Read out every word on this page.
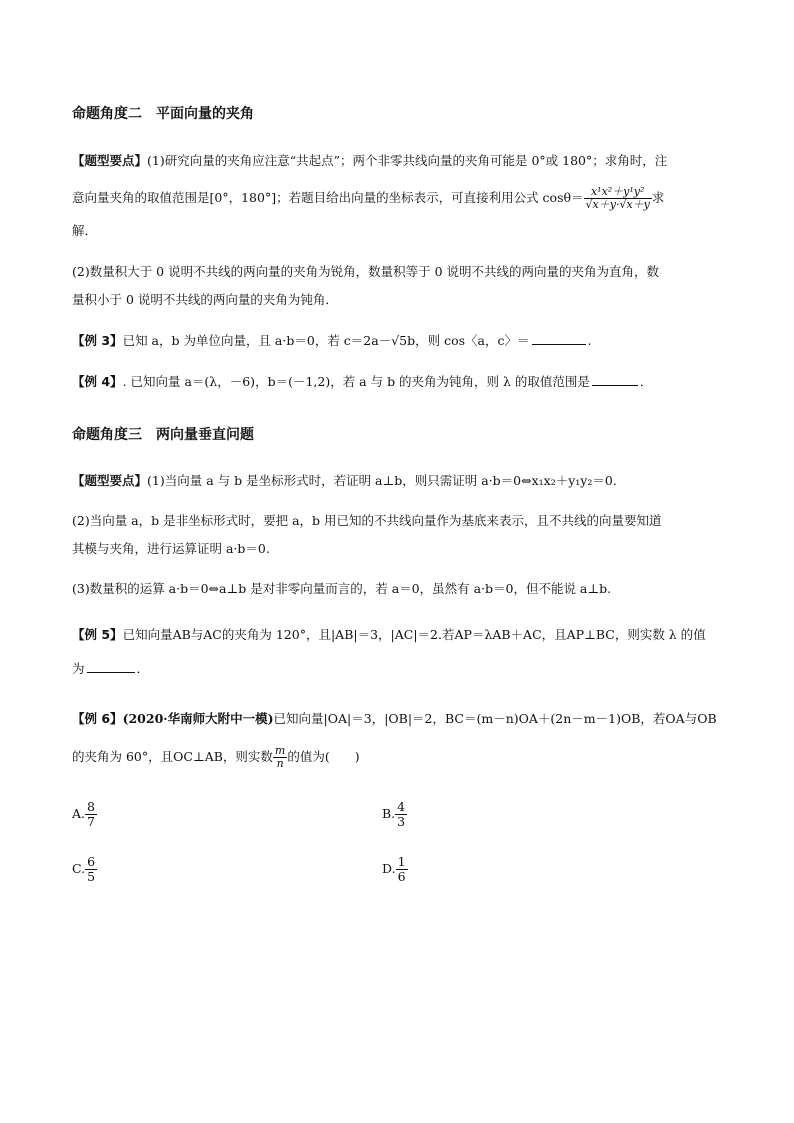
命题角度二　平面向量的夹角
【题型要点】(1)研究向量的夹角应注意“共起点”；两个非零共线向量的夹角可能是 0°或 180°；求角时，注
意向量夹角的取值范围是[0°，180°]；若题目给出向量的坐标表示，可直接利用公式 $\cos\theta= \frac{\text{x¹x²＋y¹y²}}{√x+y\cdot√x+y}$ 求
解．
(2)数量积大于 0 说明不共线的两向量的夹角为锐角，数量积等于 0 说明不共线的两向量的夹角为直角，数
量积小于 0 说明不共线的两向量的夹角为钝角．
【例 3】已知 a，b 为单位向量，且 a·b＝0，若 c＝2a－√5b，则 cos〈a，c〉＝	.
【例 4】. 已知向量 a＝(λ，－6)，b＝(－1,2)，若 a 与 b 的夹角为钝角，则 λ 的取值范围是	．
命题角度三　两向量垂直问题
【题型要点】(1)当向量 a 与 b 是坐标形式时，若证明 a⊥b，则只需证明 a·b＝0⇔x₁x₂＋y₁y₂＝0.
(2)当向量 a，b 是非坐标形式时，要把 a，b 用已知的不共线向量作为基底来表示，且不共线的向量要知道
其模与夹角，进行运算证明 a·b＝0.
(3)数量积的运算 a·b＝0⇔a⊥b 是对非零向量而言的，若 a＝0，虽然有 a·b＝0，但不能说 a⊥b.
【例 5】已知向量AB与AC的夹角为 120°，且|AB|＝3，|AC|＝2.若AP＝λAB＋AC，且AP⊥BC，则实数 λ 的值
为	．
【例 6】(2020·华南师大附中一模)已知向量|OA|＝3，|OB|＝2，BC＝(m－n)OA＋(2n－m－1)OB，若OA与OB
的夹角为 60°，且OC⊥AB，则实数 $\frac{m}{n}$ 的值为(　　)
A. $\frac{8}{7}$	B. $\frac{4}{3}$
C. $\frac{6}{5}$	D. $\frac{1}{6}$
